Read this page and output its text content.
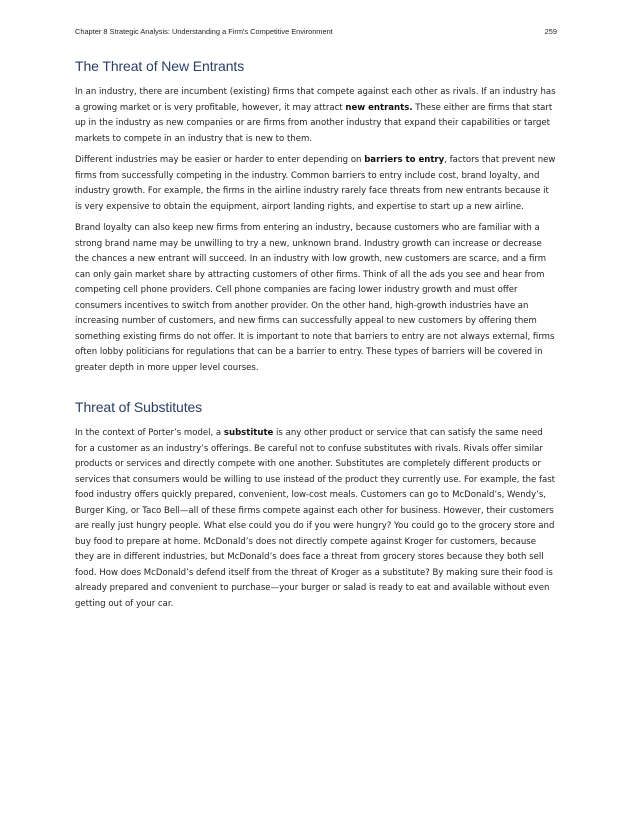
Chapter 8 Strategic Analysis: Understanding a Firm's Competitive Environment	259
The Threat of New Entrants

In an industry, there are incumbent (existing) firms that compete against each other as rivals. If an industry has a growing market or is very profitable, however, it may attract new entrants. These either are firms that start up in the industry as new companies or are firms from another industry that expand their capabilities or target markets to compete in an industry that is new to them.

Different industries may be easier or harder to enter depending on barriers to entry, factors that prevent new firms from successfully competing in the industry. Common barriers to entry include cost, brand loyalty, and industry growth. For example, the firms in the airline industry rarely face threats from new entrants because it is very expensive to obtain the equipment, airport landing rights, and expertise to start up a new airline.

Brand loyalty can also keep new firms from entering an industry, because customers who are familiar with a strong brand name may be unwilling to try a new, unknown brand. Industry growth can increase or decrease the chances a new entrant will succeed. In an industry with low growth, new customers are scarce, and a firm can only gain market share by attracting customers of other firms. Think of all the ads you see and hear from competing cell phone providers. Cell phone companies are facing lower industry growth and must offer consumers incentives to switch from another provider. On the other hand, high-growth industries have an increasing number of customers, and new firms can successfully appeal to new customers by offering them something existing firms do not offer. It is important to note that barriers to entry are not always external, firms often lobby politicians for regulations that can be a barrier to entry. These types of barriers will be covered in greater depth in more upper level courses.

Threat of Substitutes

In the context of Porter’s model, a substitute is any other product or service that can satisfy the same need for a customer as an industry’s offerings. Be careful not to confuse substitutes with rivals. Rivals offer similar products or services and directly compete with one another. Substitutes are completely different products or services that consumers would be willing to use instead of the product they currently use. For example, the fast food industry offers quickly prepared, convenient, low-cost meals. Customers can go to McDonald’s, Wendy’s, Burger King, or Taco Bell—all of these firms compete against each other for business. However, their customers are really just hungry people. What else could you do if you were hungry? You could go to the grocery store and buy food to prepare at home. McDonald’s does not directly compete against Kroger for customers, because they are in different industries, but McDonald’s does face a threat from grocery stores because they both sell food. How does McDonald’s defend itself from the threat of Kroger as a substitute? By making sure their food is already prepared and convenient to purchase—your burger or salad is ready to eat and available without even getting out of your car.
